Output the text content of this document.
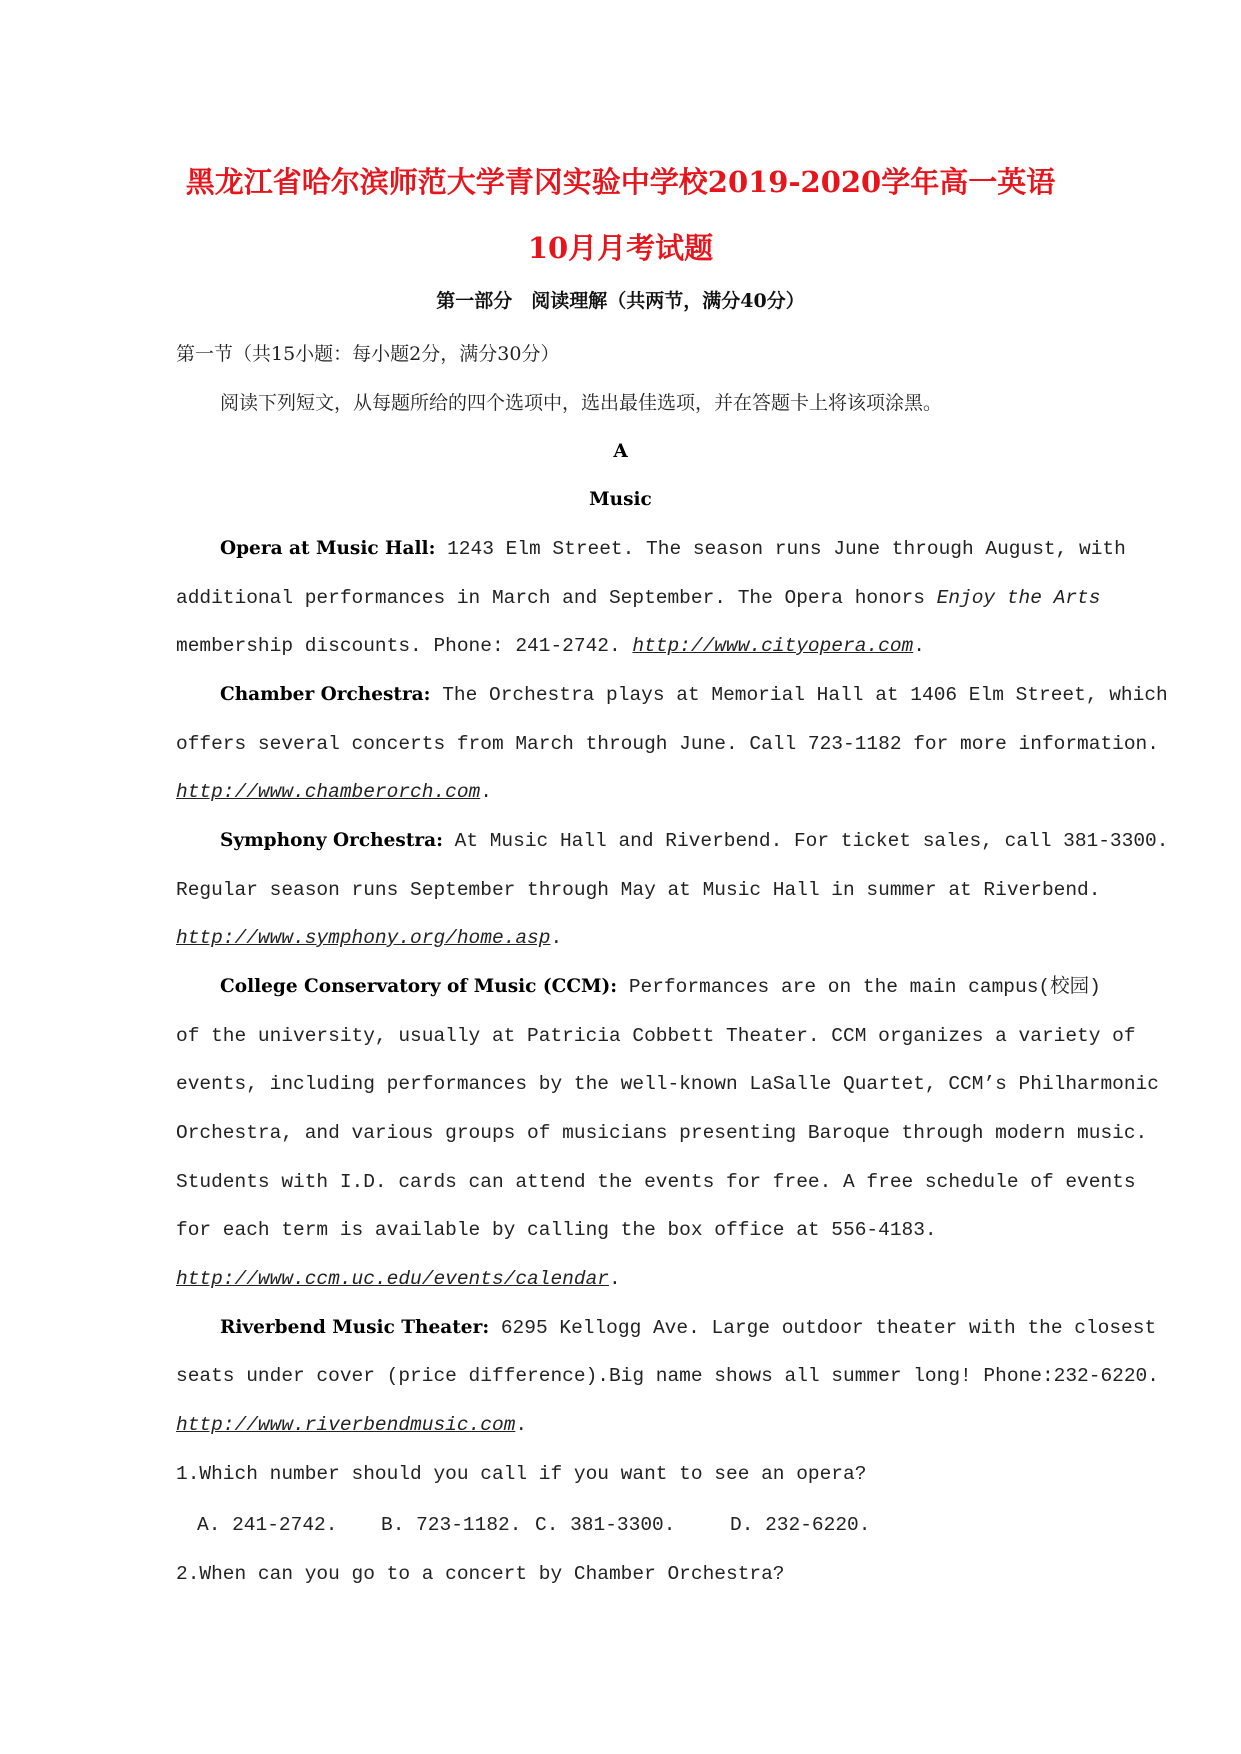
黑龙江省哈尔滨师范大学青冈实验中学校2019-2020学年高一英语
10月月考试题
第一部分　阅读理解（共两节，满分40分）
第一节（共15小题：每小题2分，满分30分）
阅读下列短文，从每题所给的四个选项中，选出最佳选项，并在答题卡上将该项涂黑。
A
Music
Opera at Music Hall: 1243 Elm Street. The season runs June through August, with
additional performances in March and September. The Opera honors Enjoy the Arts
membership discounts. Phone: 241-2742. http://www.cityopera.com.
Chamber Orchestra: The Orchestra plays at Memorial Hall at 1406 Elm Street, which
offers several concerts from March through June. Call 723-1182 for more information.
http://www.chamberorch.com.
Symphony Orchestra: At Music Hall and Riverbend. For ticket sales, call 381-3300.
Regular season runs September through May at Music Hall in summer at Riverbend.
http://www.symphony.org/home.asp.
College Conservatory of Music (CCM): Performances are on the main campus(校园)
of the university, usually at Patricia Cobbett Theater. CCM organizes a variety of
events, including performances by the well-known LaSalle Quartet, CCM’s Philharmonic
Orchestra, and various groups of musicians presenting Baroque through modern music.
Students with I.D. cards can attend the events for free. A free schedule of events
for each term is available by calling the box office at 556-4183.
http://www.ccm.uc.edu/events/calendar.
Riverbend Music Theater: 6295 Kellogg Ave. Large outdoor theater with the closest
seats under cover (price difference).Big name shows all summer long! Phone:232-6220.
http://www.riverbendmusic.com.
1.Which number should you call if you want to see an opera?
A. 241-2742. B. 723-1182. C. 381-3300.	D. 232-6220.
2.When can you go to a concert by Chamber Orchestra?
